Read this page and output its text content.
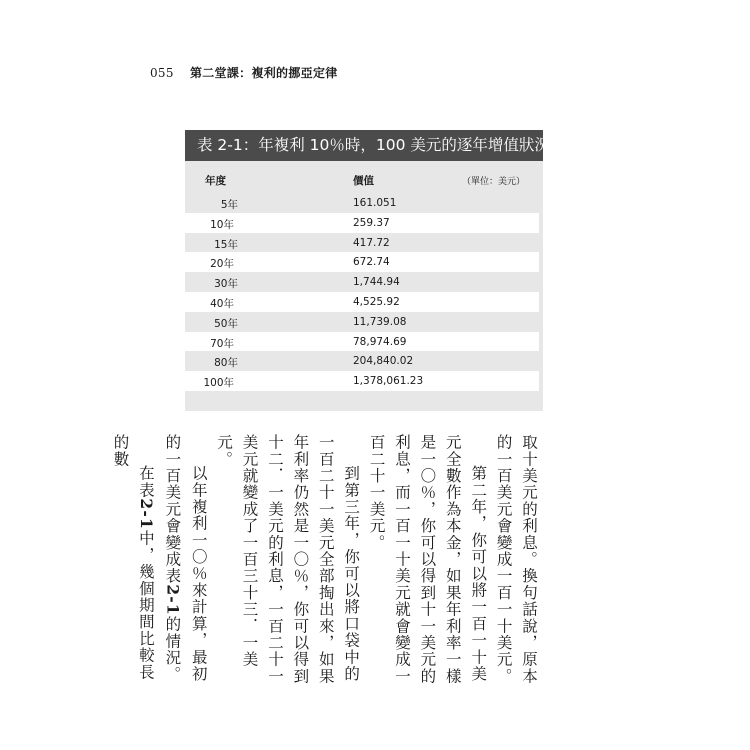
055 第二堂課：複利的挪亞定律
表 2-1：年複利 10％時，100 美元的逐年增值狀況
年度	價值	（單位：美元）
5年	161.051
10年	259.37
15年	417.72
20年	672.74
30年	1,744.94
40年	4,525.92
50年	11,739.08
70年	78,974.69
80年	204,840.02
100年	1,378,061.23

取十美元的利息。換句話說，原本的一百美元會變成一百一十美元。

第二年，你可以將一百一十美元全數作為本金，如果年利率一樣是一〇％，你可以得到十一美元的利息，而一百一十美元就會變成一百二十一美元。

到第三年，你可以將口袋中的一百二十一美元全部掏出來，如果年利率仍然是一〇％，你可以得到十二．一美元的利息，一百二十一美元就變成了一百三十三．一美元。

以年複利一〇％來計算，最初的一百美元會變成表2-1的情況。

在表2-1中，幾個期間比較長的數
